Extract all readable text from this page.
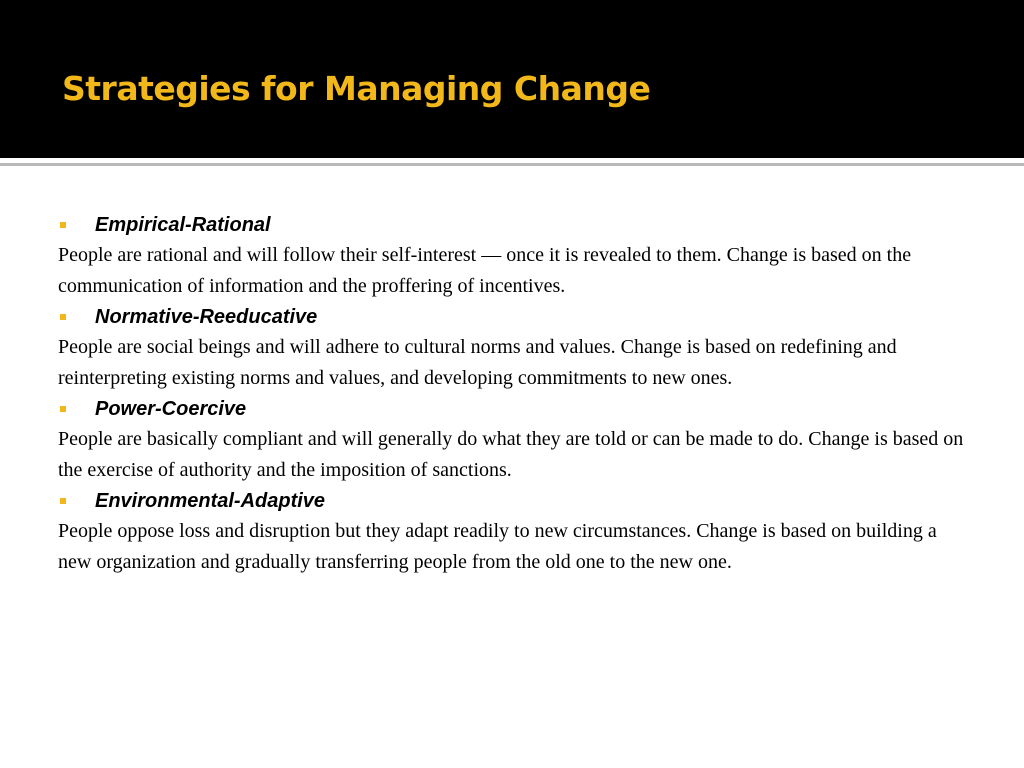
Strategies for Managing Change
Empirical-Rational

People are rational and will follow their self-interest — once it is revealed to them. Change is based on the communication of information and the proffering of incentives.

Normative-Reeducative

People are social beings and will adhere to cultural norms and values. Change is based on redefining and reinterpreting existing norms and values, and developing commitments to new ones.

Power-Coercive

People are basically compliant and will generally do what they are told or can be made to do. Change is based on the exercise of authority and the imposition of sanctions.

Environmental-Adaptive

People oppose loss and disruption but they adapt readily to new circumstances. Change is based on building a new organization and gradually transferring people from the old one to the new one.
